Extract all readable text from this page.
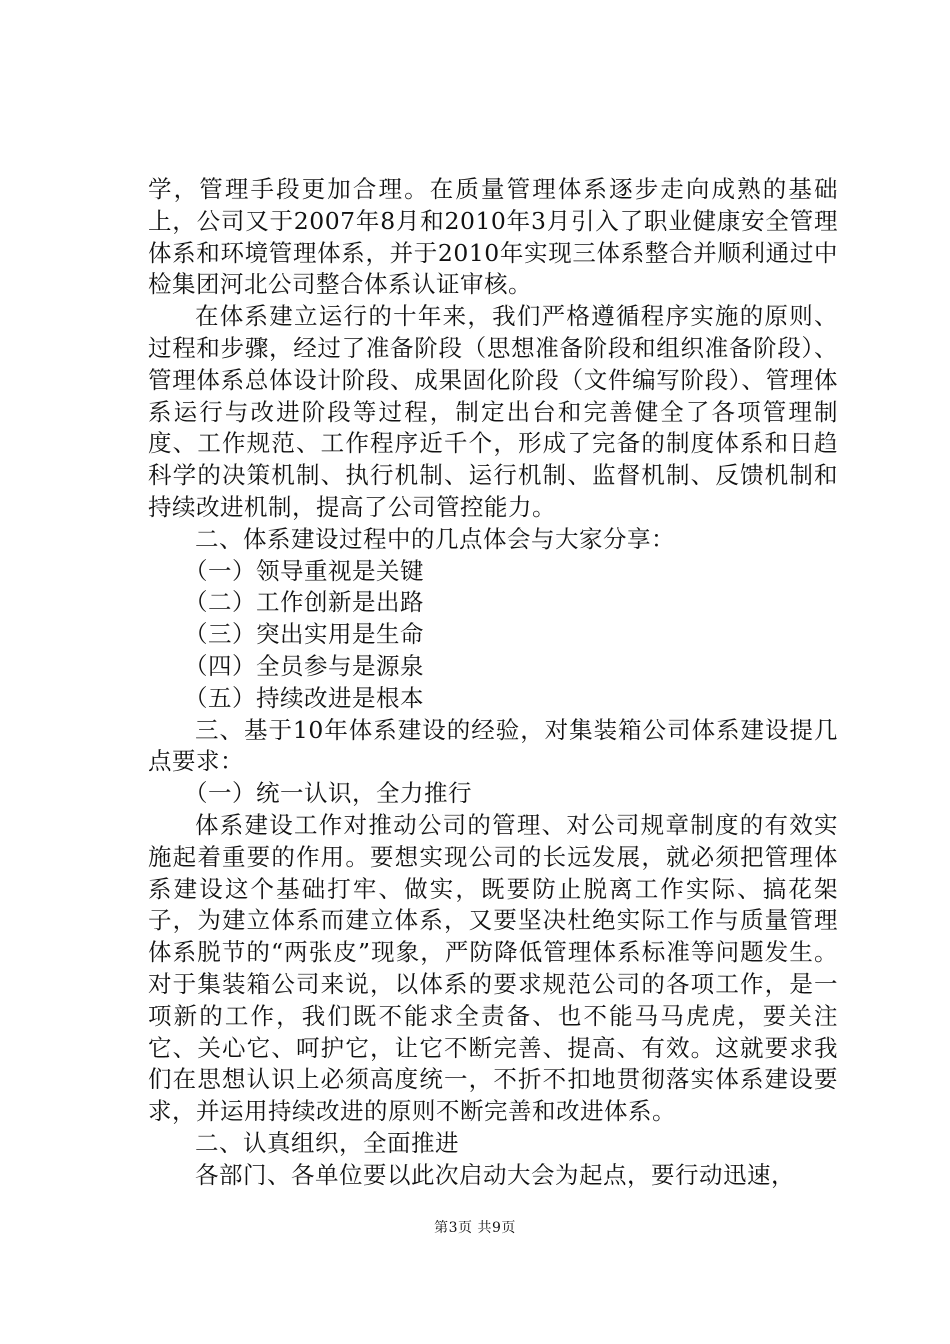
学，管理手段更加合理。在质量管理体系逐步走向成熟的基础上，公司又于2007年8月和2010年3月引入了职业健康安全管理体系和环境管理体系，并于2010年实现三体系整合并顺利通过中检集团河北公司整合体系认证审核。

在体系建立运行的十年来，我们严格遵循程序实施的原则、过程和步骤，经过了准备阶段（思想准备阶段和组织准备阶段）、管理体系总体设计阶段、成果固化阶段（文件编写阶段）、管理体系运行与改进阶段等过程，制定出台和完善健全了各项管理制度、工作规范、工作程序近千个，形成了完备的制度体系和日趋科学的决策机制、执行机制、运行机制、监督机制、反馈机制和持续改进机制，提高了公司管控能力。

二、体系建设过程中的几点体会与大家分享：

（一）领导重视是关键

（二）工作创新是出路

（三）突出实用是生命

（四）全员参与是源泉

（五）持续改进是根本

三、基于10年体系建设的经验，对集装箱公司体系建设提几点要求：

（一）统一认识，全力推行

体系建设工作对推动公司的管理、对公司规章制度的有效实施起着重要的作用。要想实现公司的长远发展，就必须把管理体系建设这个基础打牢、做实，既要防止脱离工作实际、搞花架子，为建立体系而建立体系，又要坚决杜绝实际工作与质量管理体系脱节的“两张皮”现象，严防降低管理体系标准等问题发生。对于集装箱公司来说，以体系的要求规范公司的各项工作，是一项新的工作，我们既不能求全责备、也不能马马虎虎，要关注它、关心它、呵护它，让它不断完善、提高、有效。这就要求我们在思想认识上必须高度统一，不折不扣地贯彻落实体系建设要求，并运用持续改进的原则不断完善和改进体系。

二、认真组织，全面推进

各部门、各单位要以此次启动大会为起点，要行动迅速，

第3页 共9页
